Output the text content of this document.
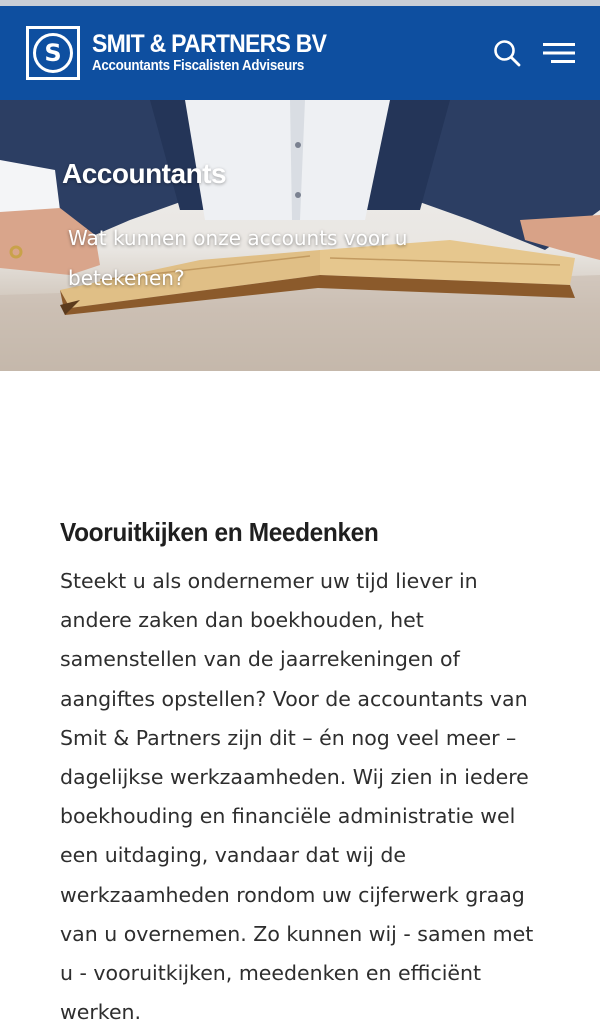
S	SMIT & PARTNERS BV
Accountants Fiscalisten Adviseurs
Accountants
Wat kunnen onze accounts voor u betekenen?
Vooruitkijken en Meedenken

Steekt u als ondernemer uw tijd liever in andere zaken dan boekhouden, het samenstellen van de jaarrekeningen of aangiftes opstellen? Voor de accountants van Smit & Partners zijn dit – én nog veel meer – dagelijkse werkzaamheden. Wij zien in iedere boekhouding en financiële administratie wel een uitdaging, vandaar dat wij de werkzaamheden rondom uw cijferwerk graag van u overnemen. Zo kunnen wij - samen met u - vooruitkijken, meedenken en efficiënt werken.
